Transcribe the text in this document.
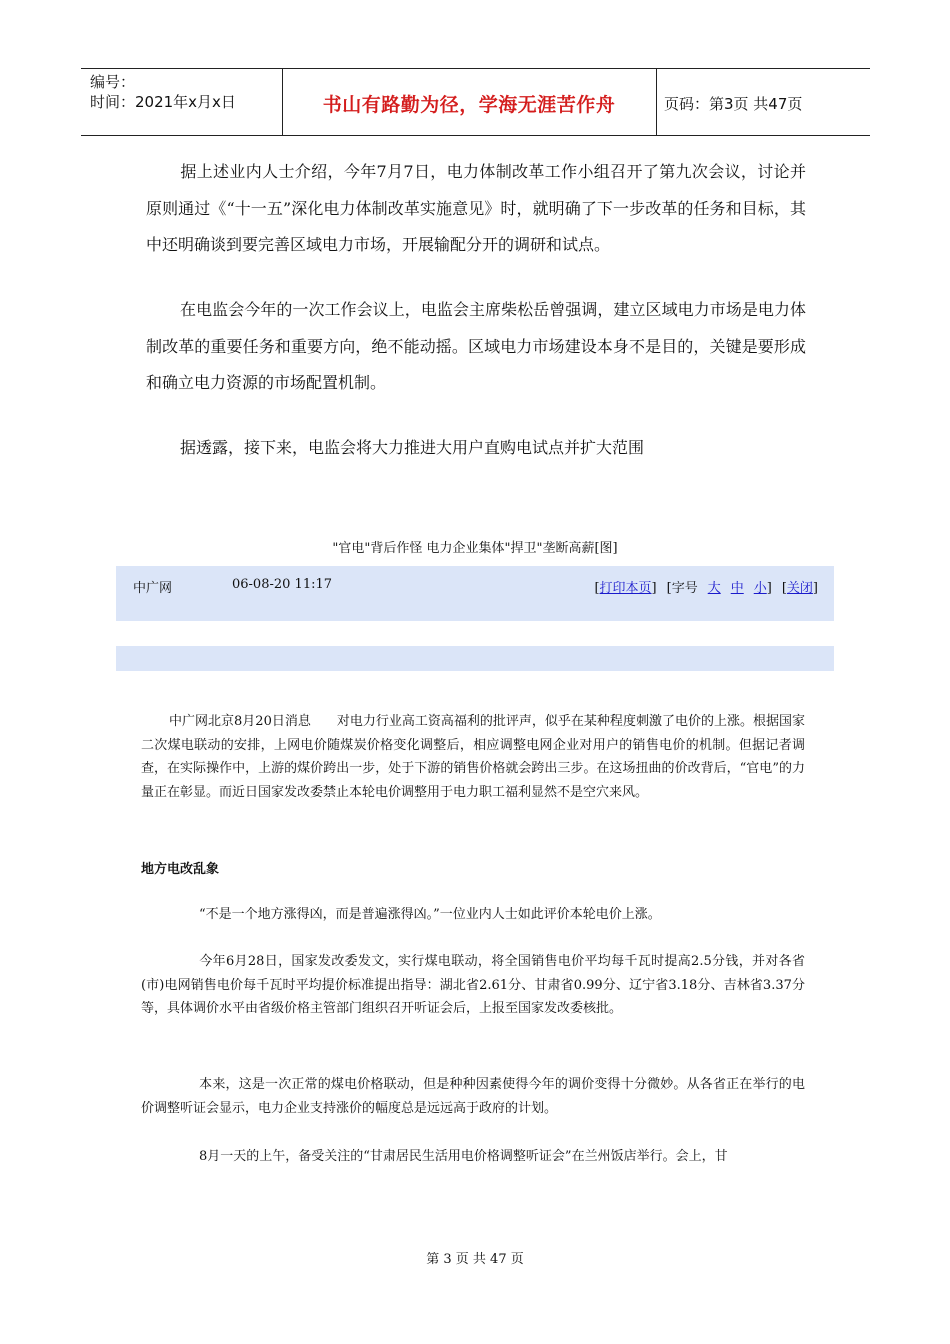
编号：
时间：2021年x月x日	书山有路勤为径，学海无涯苦作舟	页码：第3页 共47页

据上述业内人士介绍，今年7月7日，电力体制改革工作小组召开了第九次会议，讨论并原则通过《“十一五”深化电力体制改革实施意见》时，就明确了下一步改革的任务和目标，其中还明确谈到要完善区域电力市场，开展输配分开的调研和试点。

在电监会今年的一次工作会议上，电监会主席柴松岳曾强调，建立区域电力市场是电力体制改革的重要任务和重要方向，绝不能动摇。区域电力市场建设本身不是目的，关键是要形成和确立电力资源的市场配置机制。

据透露，接下来，电监会将大力推进大用户直购电试点并扩大范围

"官电"背后作怪 电力企业集体"捍卫"垄断高薪[图]
中广网	06-08-20 11:17	[打印本页] [字号 大 中 小] [关闭]

中广网北京8月20日消息　　对电力行业高工资高福利的批评声，似乎在某种程度刺激了电价的上涨。根据国家二次煤电联动的安排，上网电价随煤炭价格变化调整后，相应调整电网企业对用户的销售电价的机制。但据记者调查，在实际操作中，上游的煤价跨出一步，处于下游的销售价格就会跨出三步。在这场扭曲的价改背后，“官电”的力量正在彰显。而近日国家发改委禁止本轮电价调整用于电力职工福利显然不是空穴来风。

地方电改乱象

“不是一个地方涨得凶，而是普遍涨得凶。”一位业内人士如此评价本轮电价上涨。

今年6月28日，国家发改委发文，实行煤电联动，将全国销售电价平均每千瓦时提高2.5分钱，并对各省(市)电网销售电价每千瓦时平均提价标准提出指导：湖北省2.61分、甘肃省0.99分、辽宁省3.18分、吉林省3.37分等，具体调价水平由省级价格主管部门组织召开听证会后，上报至国家发改委核批。

本来，这是一次正常的煤电价格联动，但是种种因素使得今年的调价变得十分微妙。从各省正在举行的电价调整听证会显示，电力企业支持涨价的幅度总是远远高于政府的计划。

8月一天的上午，备受关注的“甘肃居民生活用电价格调整听证会”在兰州饭店举行。会上，甘

第 3 页 共 47 页
